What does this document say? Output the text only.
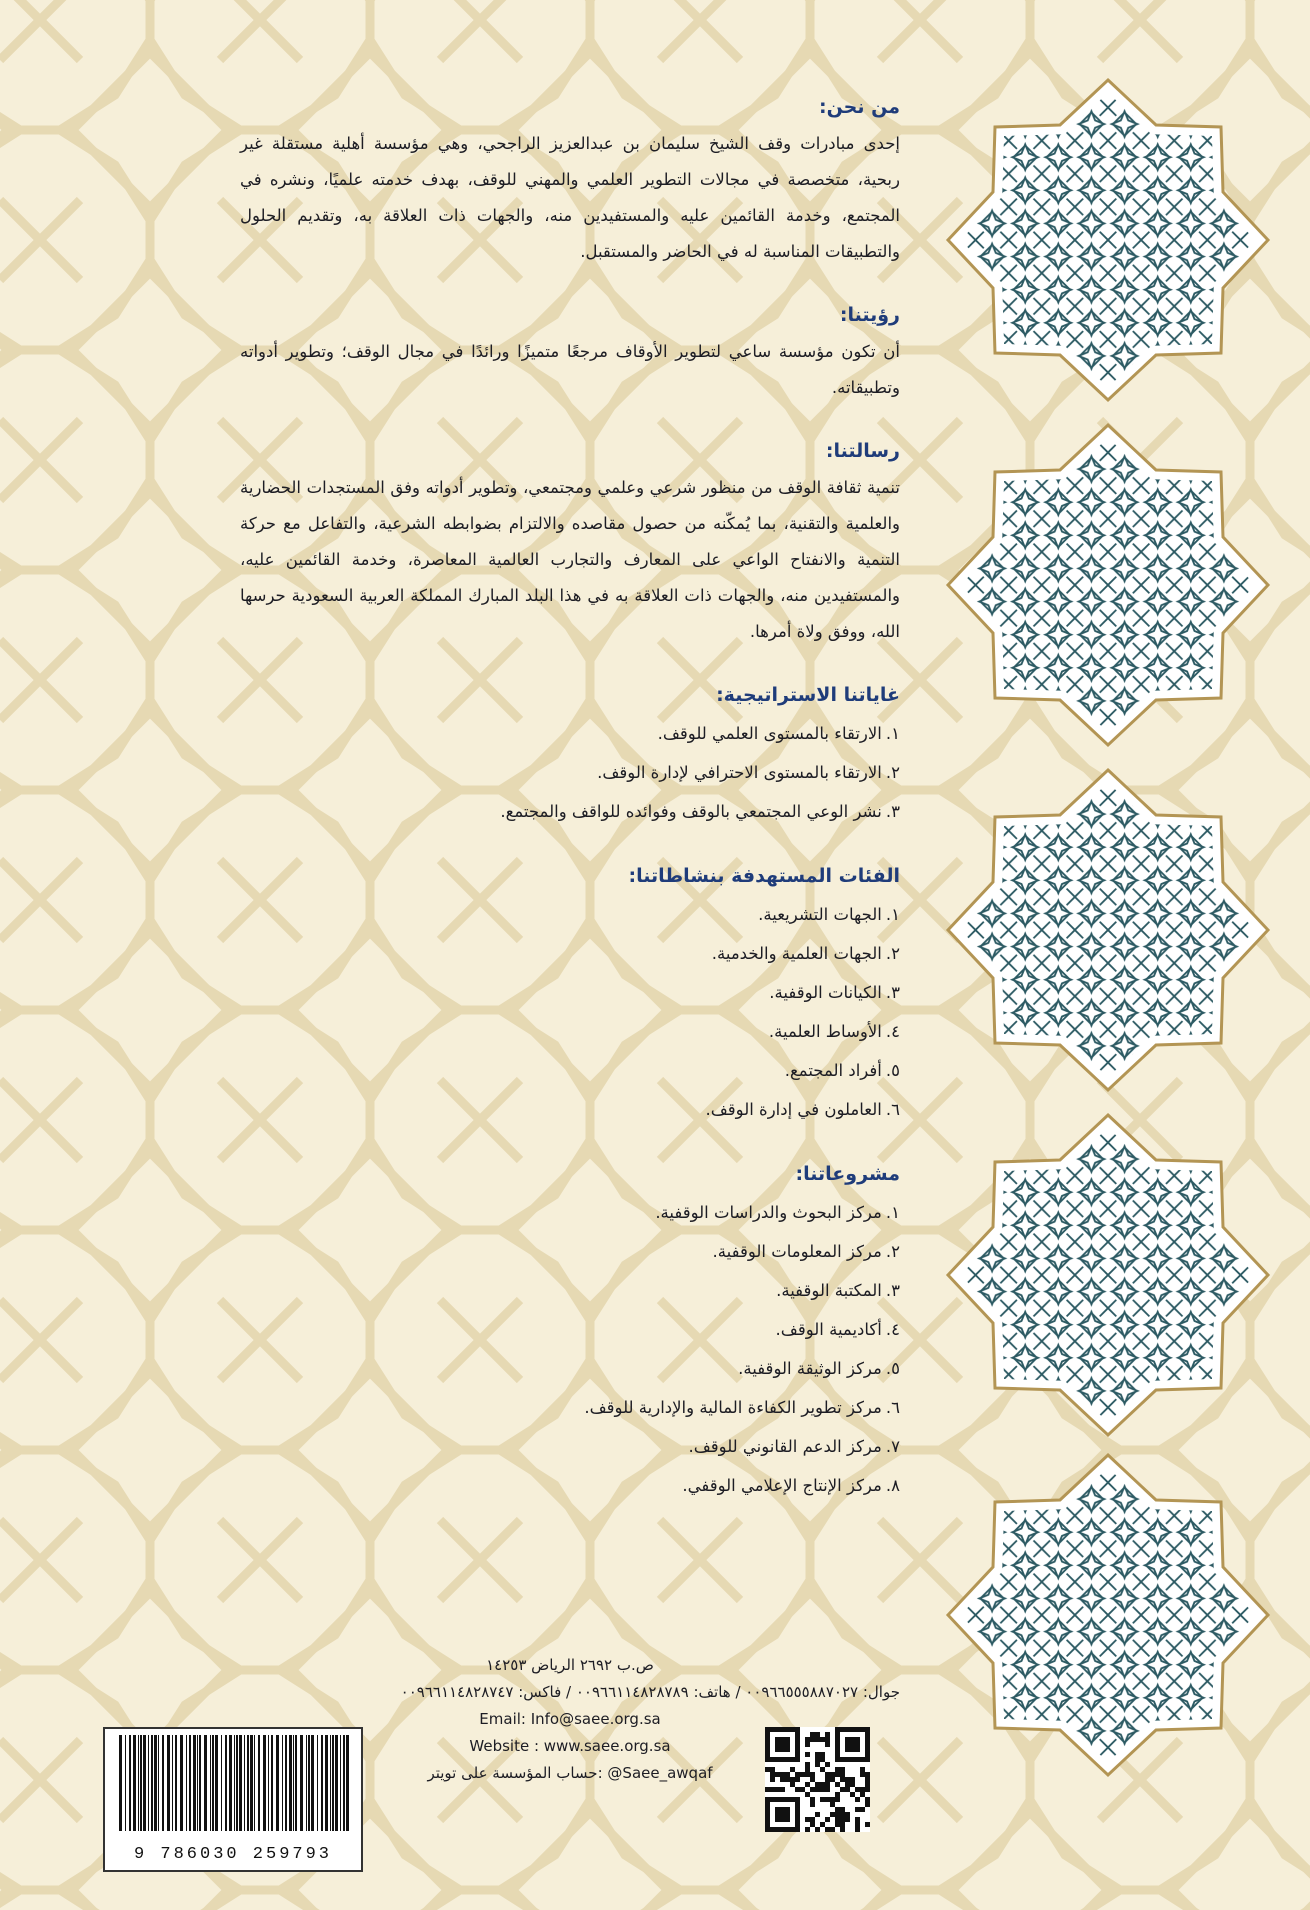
من نحن:

إحدى مبادرات وقف الشيخ سليمان بن عبدالعزيز الراجحي، وهي مؤسسة أهلية مستقلة غير ربحية، متخصصة في مجالات التطوير العلمي والمهني للوقف، بهدف خدمته علميًا، ونشره في المجتمع، وخدمة القائمين عليه والمستفيدين منه، والجهات ذات العلاقة به، وتقديم الحلول والتطبيقات المناسبة له في الحاضر والمستقبل.

رؤيتنا:

أن تكون مؤسسة ساعي لتطوير الأوقاف مرجعًا متميزًا ورائدًا في مجال الوقف؛ وتطوير أدواته وتطبيقاته.

رسالتنا:

تنمية ثقافة الوقف من منظور شرعي وعلمي ومجتمعي، وتطوير أدواته وفق المستجدات الحضارية والعلمية والتقنية، بما يُمكّنه من حصول مقاصده والالتزام بضوابطه الشرعية، والتفاعل مع حركة التنمية والانفتاح الواعي على المعارف والتجارب العالمية المعاصرة، وخدمة القائمين عليه، والمستفيدين منه، والجهات ذات العلاقة به في هذا البلد المبارك المملكة العربية السعودية حرسها الله، ووفق ولاة أمرها.

غاياتنا الاستراتيجية:
١.الارتقاء بالمستوى العلمي للوقف.
٢.الارتقاء بالمستوى الاحترافي لإدارة الوقف.
٣.نشر الوعي المجتمعي بالوقف وفوائده للواقف والمجتمع.
الفئات المستهدفة بنشاطاتنا:
١.الجهات التشريعية.
٢.الجهات العلمية والخدمية.
٣.الكيانات الوقفية.
٤.الأوساط العلمية.
٥.أفراد المجتمع.
٦.العاملون في إدارة الوقف.
مشروعاتنا:
١.مركز البحوث والدراسات الوقفية.
٢.مركز المعلومات الوقفية.
٣.المكتبة الوقفية.
٤.أكاديمية الوقف.
٥.مركز الوثيقة الوقفية.
٦.مركز تطوير الكفاءة المالية والإدارية للوقف.
٧.مركز الدعم القانوني للوقف.
٨.مركز الإنتاج الإعلامي الوقفي.
ص.ب ٢٦٩٢ الرياض ١٤٢٥٣
جوال: ٠٠٩٦٦٥٥٥٨٨٧٠٢٧ / هاتف: ٠٠٩٦٦١١٤٨٢٨٧٨٩ / فاكس: ٠٠٩٦٦١١٤٨٢٨٧٤٧
Email: Info@saee.org.sa
Website : www.saee.org.sa
حساب المؤسسة على تويتر: @Saee_awqaf
9 786030 259793
